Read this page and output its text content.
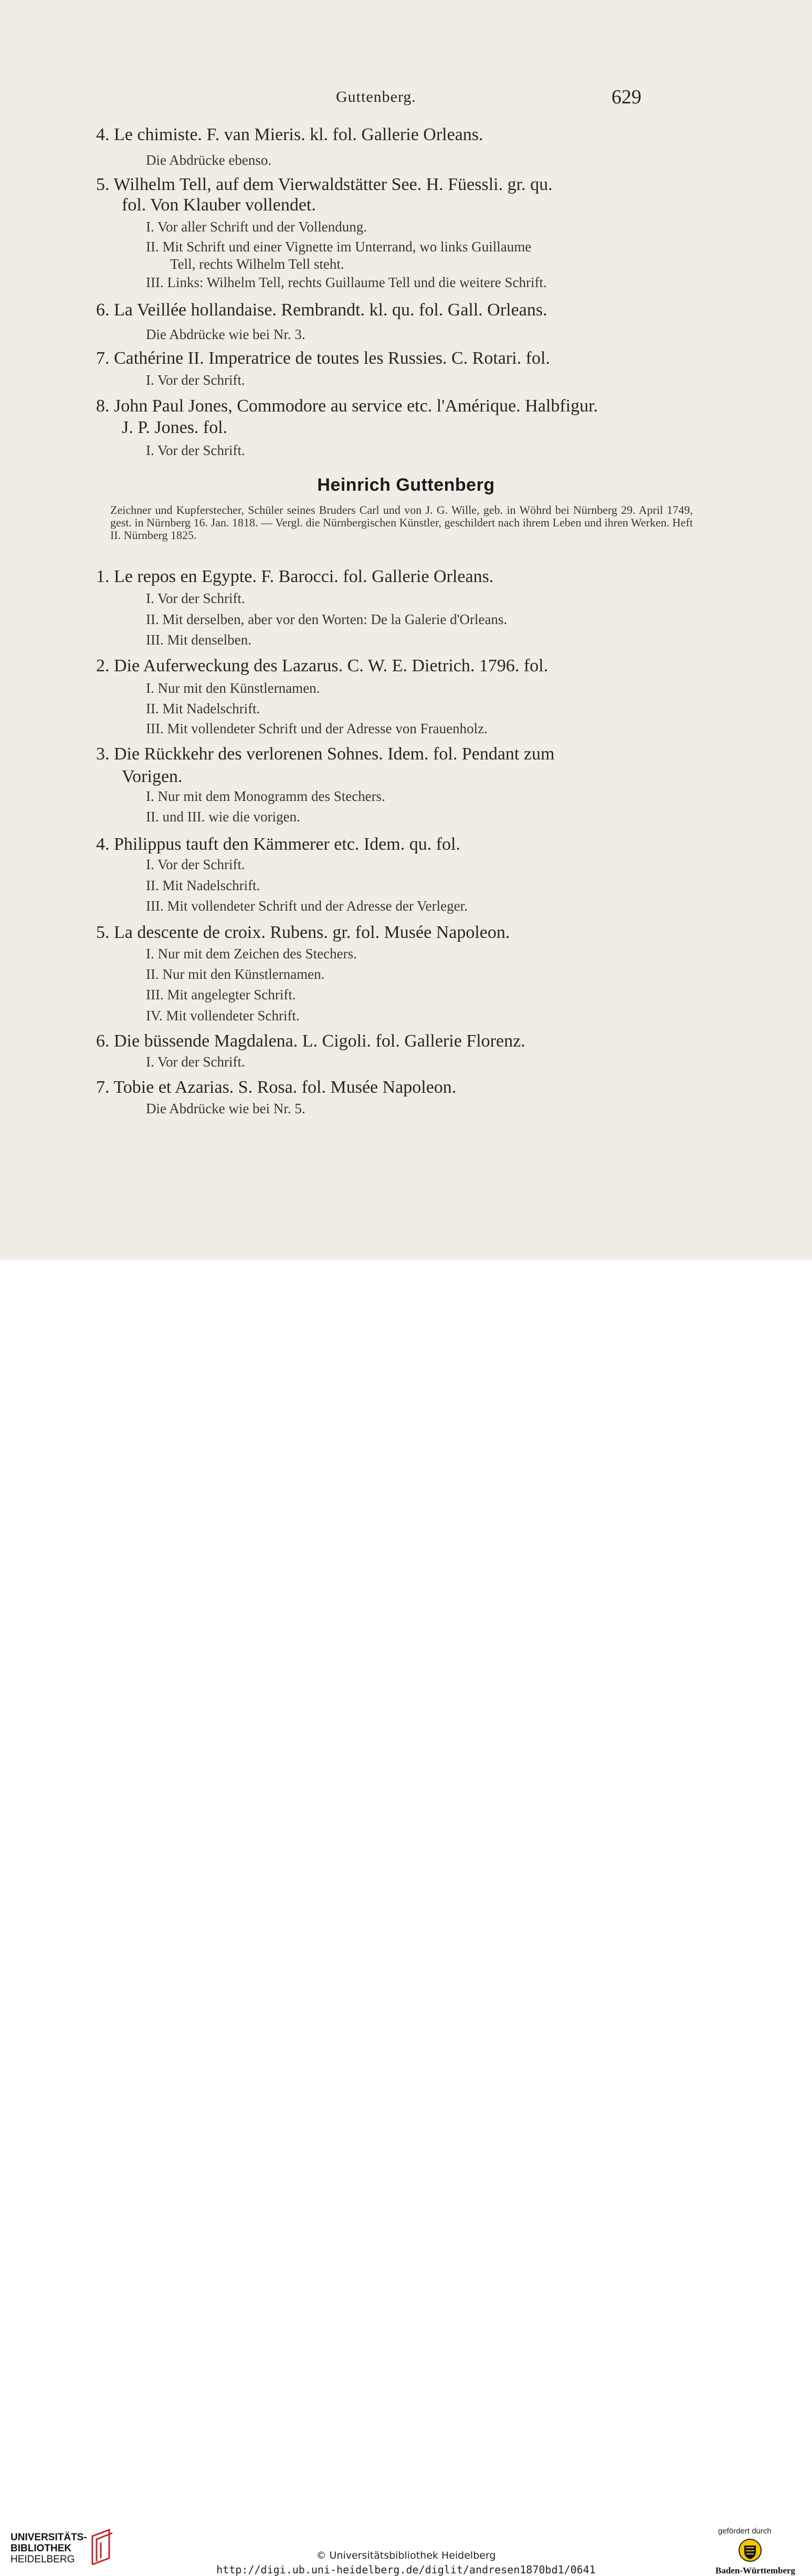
Guttenberg.	629
4. Le chimiste. F. van Mieris. kl. fol. Gallerie Orleans.
Die Abdrücke ebenso.
5. Wilhelm Tell, auf dem Vierwaldstätter See. H. Füessli. gr. qu.
fol. Von Klauber vollendet.
I. Vor aller Schrift und der Vollendung.
II. Mit Schrift und einer Vignette im Unterrand, wo links Guillaume
Tell, rechts Wilhelm Tell steht.
III. Links: Wilhelm Tell, rechts Guillaume Tell und die weitere Schrift.
6. La Veillée hollandaise. Rembrandt. kl. qu. fol. Gall. Orleans.
Die Abdrücke wie bei Nr. 3.
7. Cathérine II. Imperatrice de toutes les Russies. C. Rotari. fol.
I. Vor der Schrift.
8. John Paul Jones, Commodore au service etc. l'Amérique. Halbfigur.
J. P. Jones. fol.
I. Vor der Schrift.
Heinrich Guttenberg
Zeichner und Kupferstecher, Schüler seines Bruders Carl und von J. G. Wille, geb. in Wöhrd bei Nürnberg 29. April 1749, gest. in Nürnberg 16. Jan. 1818. — Vergl. die Nürnbergischen Künstler, geschildert nach ihrem Leben und ihren Werken. Heft II. Nürnberg 1825.
1. Le repos en Egypte. F. Barocci. fol. Gallerie Orleans.
I. Vor der Schrift.
II. Mit derselben, aber vor den Worten: De la Galerie d'Orleans.
III. Mit denselben.
2. Die Auferweckung des Lazarus. C. W. E. Dietrich. 1796. fol.
I. Nur mit den Künstlernamen.
II. Mit Nadelschrift.
III. Mit vollendeter Schrift und der Adresse von Frauenholz.
3. Die Rückkehr des verlorenen Sohnes. Idem. fol. Pendant zum
Vorigen.
I. Nur mit dem Monogramm des Stechers.
II. und III. wie die vorigen.
4. Philippus tauft den Kämmerer etc. Idem. qu. fol.
I. Vor der Schrift.
II. Mit Nadelschrift.
III. Mit vollendeter Schrift und der Adresse der Verleger.
5. La descente de croix. Rubens. gr. fol. Musée Napoleon.
I. Nur mit dem Zeichen des Stechers.
II. Nur mit den Künstlernamen.
III. Mit angelegter Schrift.
IV. Mit vollendeter Schrift.
6. Die büssende Magdalena. L. Cigoli. fol. Gallerie Florenz.
I. Vor der Schrift.
7. Tobie et Azarias. S. Rosa. fol. Musée Napoleon.
Die Abdrücke wie bei Nr. 5.
UNIVERSITÄTS-
BIBLIOTHEK
HEIDELBERG	© Universitätsbibliothek Heidelberg
http://digi.ub.uni-heidelberg.de/diglit/andresen1870bd1/0641
gefördert durch
Baden-Württemberg
